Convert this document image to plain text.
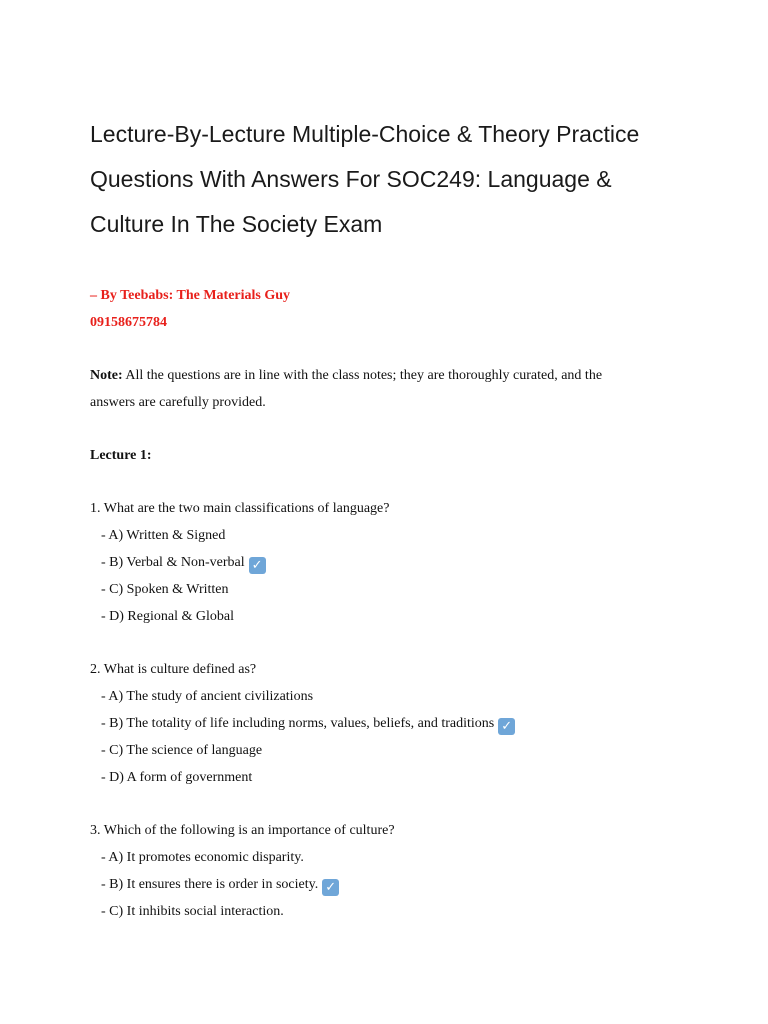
Lecture-By-Lecture Multiple-Choice & Theory Practice Questions With Answers For SOC249: Language & Culture In The Society Exam
– By Teebabs: The Materials Guy
09158675784
Note: All the questions are in line with the class notes; they are thoroughly curated, and the
answers are carefully provided.
Lecture 1:
1. What are the two main classifications of language?
- A) Written & Signed
- B) Verbal & Non-verbal ✓
- C) Spoken & Written
- D) Regional & Global
2. What is culture defined as?
- A) The study of ancient civilizations
- B) The totality of life including norms, values, beliefs, and traditions ✓
- C) The science of language
- D) A form of government
3. Which of the following is an importance of culture?
- A) It promotes economic disparity.
- B) It ensures there is order in society. ✓
- C) It inhibits social interaction.
